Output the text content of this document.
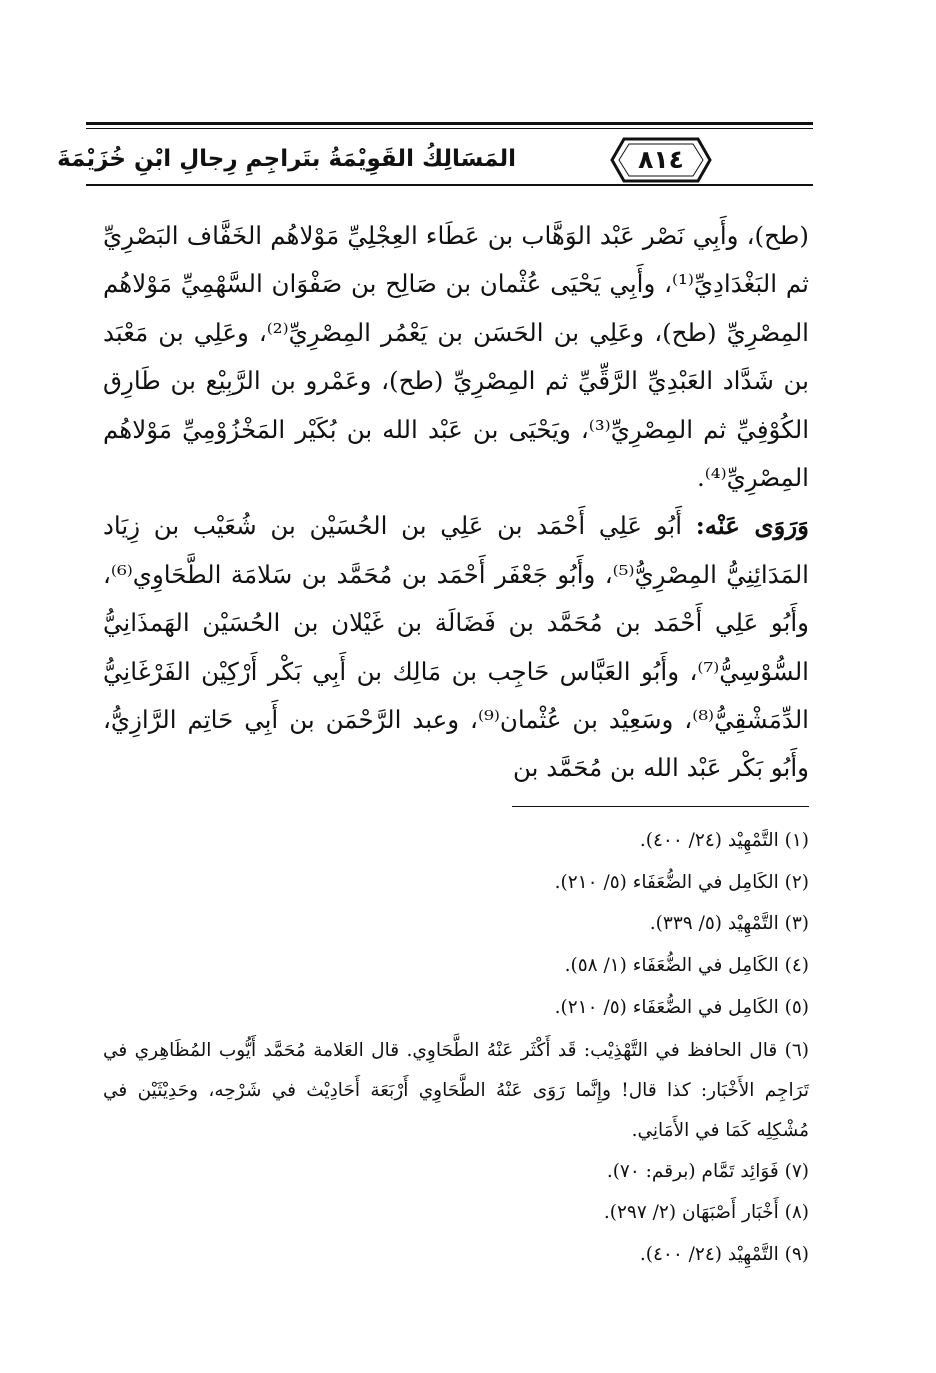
المَسَالِكُ القَوِيْمَةُ بتَراجِمِ رِجالِ ابْنِ خُزَيْمَةَ	٨١٤

(طح)، وأَبِي نَصْر عَبْد الوَهَّاب بن عَطَاء العِجْلِيِّ مَوْلاهُم الخَفَّاف البَصْرِيِّ ثم البَغْدَادِيِّ⁽¹⁾، وأَبِي يَحْيَى عُثْمان بن صَالِح بن صَفْوَان السَّهْمِيِّ مَوْلاهُم المِصْرِيِّ (طح)، وعَلِي بن الحَسَن بن يَعْمُر المِصْرِيِّ⁽²⁾، وعَلِي بن مَعْبَد بن شَدَّاد العَبْدِيِّ الرَّقِّيِّ ثم المِصْرِيِّ (طح)، وعَمْرو بن الرَّبِيْع بن طَارِق الكُوْفِيِّ ثم المِصْرِيِّ⁽³⁾، ويَحْيَى بن عَبْد الله بن بُكَيْر المَخْزُوْمِيِّ مَوْلاهُم المِصْرِيِّ⁽⁴⁾.

وَرَوَى عَنْه: أَبُو عَلِي أَحْمَد بن عَلِي بن الحُسَيْن بن شُعَيْب بن زِيَاد المَدَائِنِيُّ المِصْرِيُّ⁽⁵⁾، وأَبُو جَعْفَر أَحْمَد بن مُحَمَّد بن سَلامَة الطَّحَاوِي⁽⁶⁾، وأَبُو عَلِي أَحْمَد بن مُحَمَّد بن فَضَالَة بن غَيْلان بن الحُسَيْن الهَمذَانِيُّ السُّوْسِيُّ⁽⁷⁾، وأَبُو العَبَّاس حَاجِب بن مَالِك بن أَبِي بَكْر أَرْكِيْن الفَرْغَانِيُّ الدِّمَشْقِيُّ⁽⁸⁾، وسَعِيْد بن عُثْمان⁽⁹⁾، وعبد الرَّحْمَن بن أَبِي حَاتِم الرَّازِيُّ، وأَبُو بَكْر عَبْد الله بن مُحَمَّد بن

(١) التَّمْهِيْد (٢٤/ ٤٠٠).
(٢) الكَامِل في الضُّعَفَاء (٥/ ٢١٠).
(٣) التَّمْهِيْد (٥/ ٣٣٩).
(٤) الكَامِل في الضُّعَفَاء (١/ ٥٨).
(٥) الكَامِل في الضُّعَفَاء (٥/ ٢١٠).
(٦) قال الحافظ في التَّهْذِيْب: قَد أَكْثَر عَنْهُ الطَّحَاوِي. قال العَلامة مُحَمَّد أَيُّوب المُظَاهِري في تَرَاجِم الأَخْبَار: كذا قال! وإِنَّما رَوَى عَنْهُ الطَّحَاوِي أَرْبَعَة أَحَادِيْث في شَرْحِه، وحَدِيْثَيْن في مُشْكِلِه كَمَا في الأَمَانِي.
(٧) فَوَائِد تَمَّام (برقم: ٧٠).
(٨) أَخْبَار أَصْبَهَان (٢/ ٢٩٧).
(٩) التَّمْهِيْد (٢٤/ ٤٠٠).
